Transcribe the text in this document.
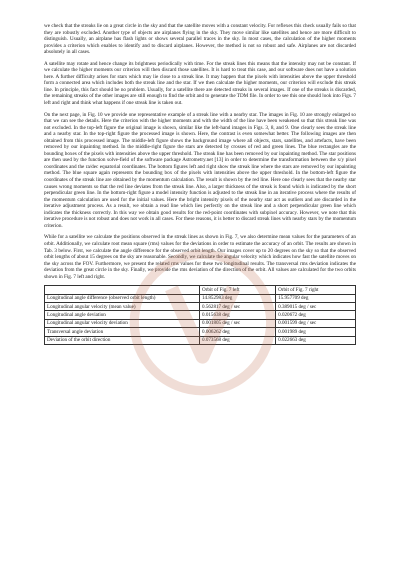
we check that the streaks lie on a great circle in the sky and that the satellite moves with a constant velocity. For reflexes this check usually fails so that they are robustly excluded. Another type of objects are airplanes flying in the sky. They move similar like satellites and hence are more difficult to distinguish. Usually, an airplane has flash lights or shows several parallel traces in the sky. In most cases, the calculation of the higher moments provides a criterion which enables to identify and to discard airplanes. However, the method is not so robust and safe. Airplanes are not discarded absolutely in all cases.

A satellite may rotate and hence change its brightness periodically with time. For the streak lines this means that the intensity may not be constant. If we calculate the higher moments our criterion will then discard those satellites. It is hard to treat this case, and our software does not have a solution here. A further difficulty arises for stars which may lie close to a streak line. It may happen that the pixels with intensities above the upper threshold form a connected area which includes both the streak line and the star. If we then calculate the higher moments, our criterion will exclude this streak line. In principle, this fact should be no problem. Usually, for a satellite there are detected streaks in several images. If one of the streaks is discarded, the remaining streaks of the other images are still enough to find the orbit and to generate the TDM file. In order to see this one should look into Figs. 7 left and right and think what happens if one streak line is taken out.

On the next page, in Fig. 10 we provide one representative example of a streak line with a nearby star. The images in Fig. 10 are strongly enlarged so that we can see the details. Here the criterion with the higher moments and with the width of the line have been weakened so that this streak line was not excluded. In the top-left figure the original image is shown, similar like the left-hand images in Figs. 3, 8, and 9. One clearly sees the streak line and a nearby star. In the top-right figure the processed image is shown. Here, the contrast is even somewhat better. The following images are then obtained from this processed image. The middle-left figure shows the background image where all objects, stars, satellites, and artefacts, have been removed by our inpainting method. In the middle-right figure the stars are detected by crosses of red and green lines. The blue rectangles are the bounding boxes of the pixels with intensities above the upper threshold. The streak line has been removed by our inpainting method. The star positions are then used by the function solve-field of the software package Astrometry.net [13] in order to determine the transformation between the x/y pixel coordinates and the ra/dec equatorial coordinates. The bottom figures left and right show the streak line where the stars are removed by our inpainting method. The blue square again represents the bounding box of the pixels with intensities above the upper threshold. In the bottom-left figure the coordinates of the streak line are obtained by the momentum calculation. The result is shown by the red line. Here one clearly sees that the nearby star causes wrong moments so that the red line deviates from the streak line. Also, a larger thickness of the streak is found which is indicated by the short perpendicular green line. In the bottom-right figure a model intensity function is adjusted to the streak line in an iterative process where the results of the momentum calculation are used for the initial values. Here the bright intensity pixels of the nearby star act as outliers and are discarded in the iterative adjustment process. As a result, we obtain a read line which lies perfectly on the streak line and a short perpendicular green line which indicates the thickness correctly. In this way we obtain good results for the red-point coordinates with subpixel accuracy. However, we note that this iterative procedure is not robust and does not work in all cases. For these reasons, it is better to discard streak lines with nearby stars by the momentum criterion.

While for a satellite we calculate the positions observed in the streak lines as shown in Fig. 7, we also determine mean values for the parameters of an orbit. Additionally, we calculate root mean square (rms) values for the deviations in order to estimate the accuracy of an orbit. The results are shown in Tab. 3 below. First, we calculate the angle difference for the observed orbit length. Our images cover up to 20 degrees on the sky so that the observed orbit lengths of about 15 degrees on the sky are reasonable. Secondly, we calculate the angular velocity which indicates how fast the satellite moves on the sky across the FOV. Furthermore, we present the related rms values for these two longitudinal results. The transversal rms deviation indicates the deviation from the great circle in the sky. Finally, we provide the rms deviation of the direction of the orbit. All values are calculated for the two orbits shown in Fig. 7 left and right.

	Orbit of Fig. 7 left	Orbit of Fig. 7 right
Longitudinal angle difference (observed orbit length)	14.852983 deg	15.957709 deg
Longitudinal angular velocity (mean value)	0.562817 deg / sec	0.389015 deg / sec
Longitudinal angle deviation	0.015638 deg	0.020672 deg
Longitudinal angular velocity deviation	0.001805 deg / sec	0.001599 deg / sec
Transversal angle deviation	0.006262 deg	0.001989 deg
Deviation of the orbit direction	0.073568 deg	0.022663 deg
